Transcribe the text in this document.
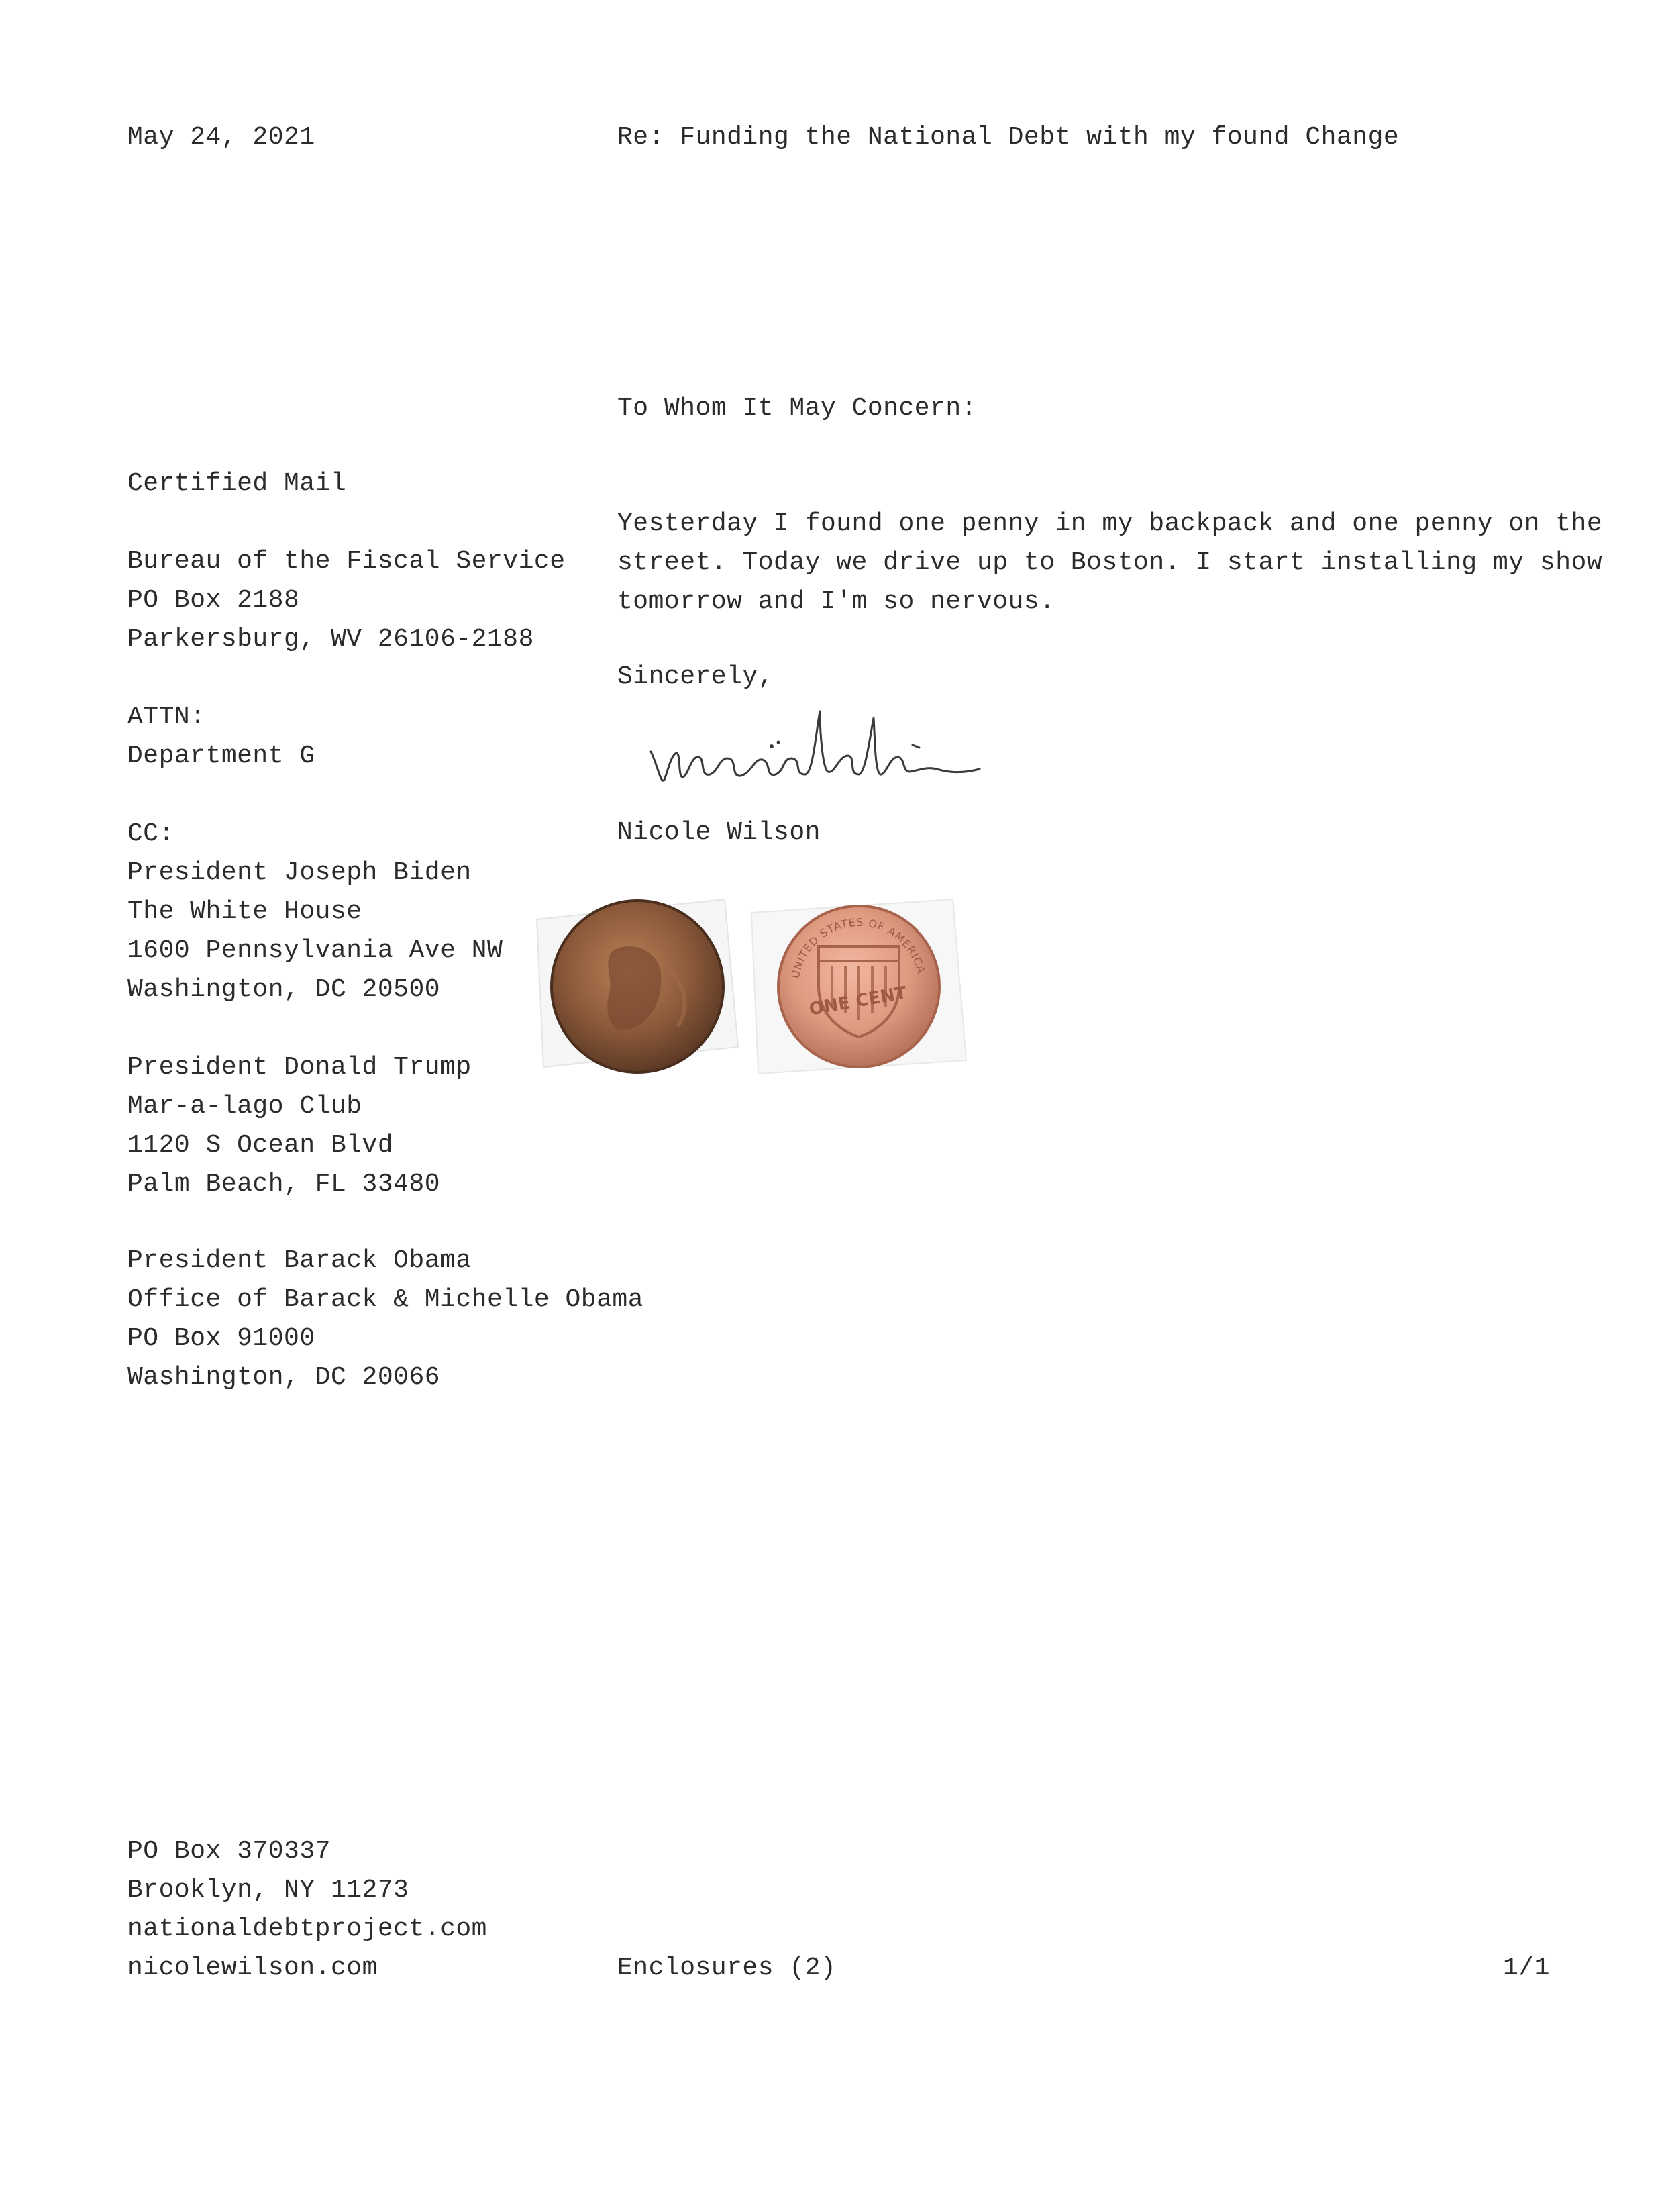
May 24, 2021	Re: Funding the National Debt with my found Change
To Whom It May Concern:
Certified Mail
Bureau of the Fiscal Service
PO Box 2188
Parkersburg, WV 26106-2188
ATTN:
Department G
CC:
President Joseph Biden
The White House
1600 Pennsylvania Ave NW
Washington, DC 20500
President Donald Trump
Mar-a-lago Club
1120 S Ocean Blvd
Palm Beach, FL 33480
President Barack Obama
Office of Barack & Michelle Obama
PO Box 91000
Washington, DC 20066
Yesterday I found one penny in my backpack and one penny on the
street. Today we drive up to Boston. I start installing my show
tomorrow and I'm so nervous.
Sincerely,
Nicole Wilson
UNITED STATES OF AMERICA
ONE CENT
PO Box 370337
Brooklyn, NY 11273
nationaldebtproject.com
nicolewilson.com	Enclosures (2)	1/1
